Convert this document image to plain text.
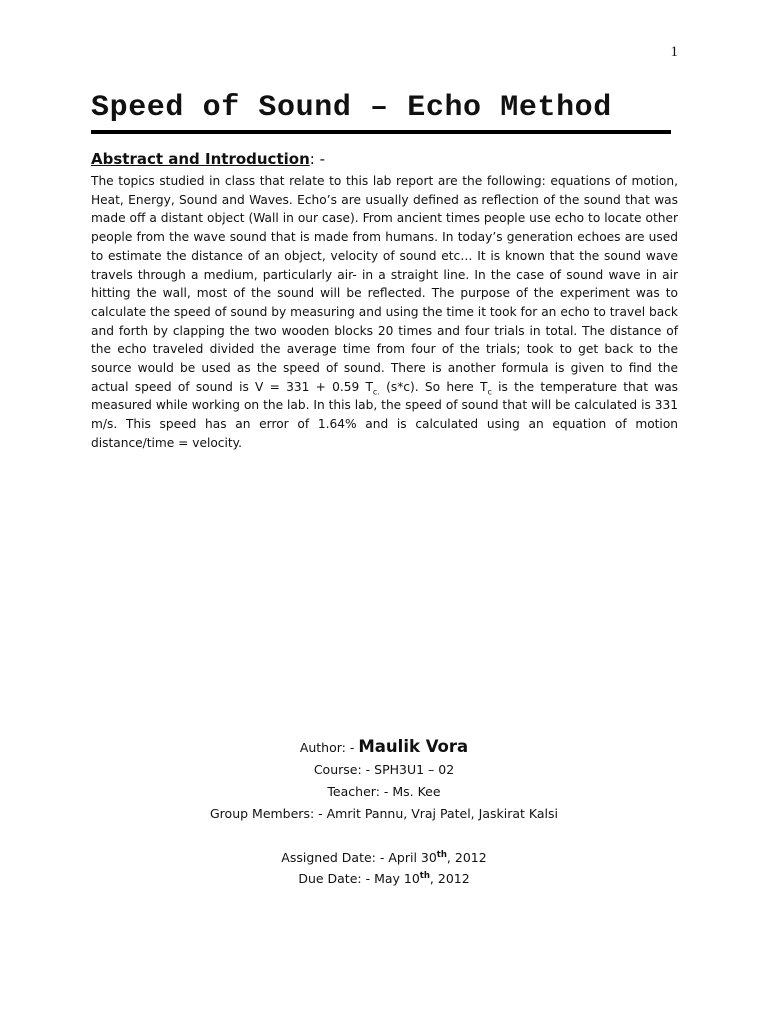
1
Speed of Sound – Echo Method
Abstract and Introduction: -

The topics studied in class that relate to this lab report are the following: equations of motion, Heat, Energy, Sound and Waves. Echo’s are usually defined as reflection of the sound that was made off a distant object (Wall in our case). From ancient times people use echo to locate other people from the wave sound that is made from humans. In today’s generation echoes are used to estimate the distance of an object, velocity of sound etc… It is known that the sound wave travels through a medium, particularly air- in a straight line. In the case of sound wave in air hitting the wall, most of the sound will be reflected. The purpose of the experiment was to calculate the speed of sound by measuring and using the time it took for an echo to travel back and forth by clapping the two wooden blocks 20 times and four trials in total. The distance of the echo traveled divided the average time from four of the trials; took to get back to the source would be used as the speed of sound. There is another formula is given to find the actual speed of sound is V = 331 + 0.59 $T_{c.}$ (s*c). So here $T_c$ is the temperature that was measured while working on the lab. In this lab, the speed of sound that will be calculated is 331 m/s. This speed has an error of 1.64% and is calculated using an equation of motion distance/time = velocity.

Author: - Maulik Vora
Course: - SPH3U1 – 02
Teacher: - Ms. Kee
Group Members: - Amrit Pannu, Vraj Patel, Jaskirat Kalsi
Assigned Date: - April 30th, 2012
Due Date: - May 10th, 2012
